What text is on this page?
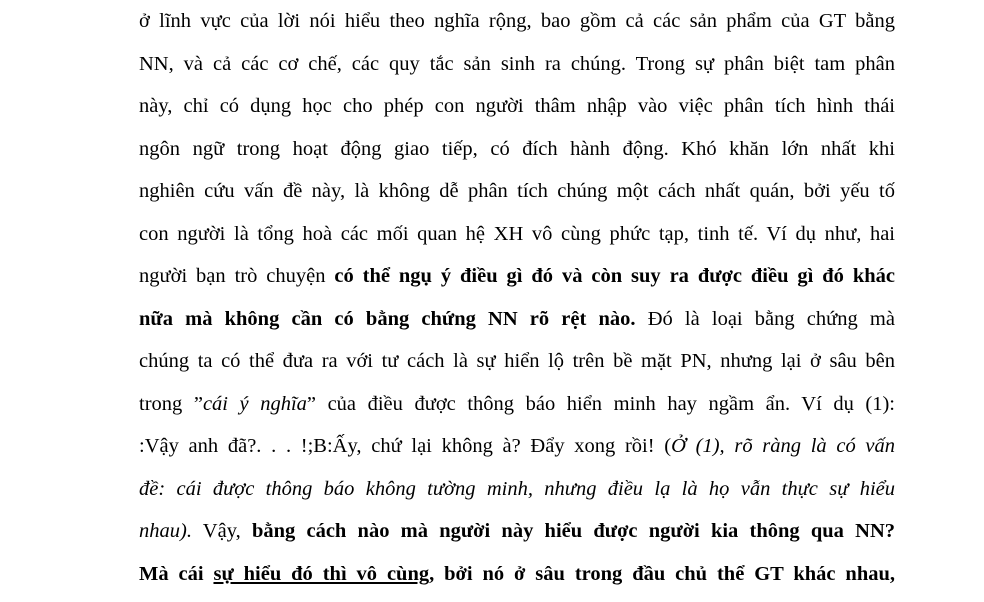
ở lĩnh vực của lời nói hiểu theo nghĩa rộng, bao gồm cả các sản phẩm của GT bằng
NN, và cả các cơ chế, các quy tắc sản sinh ra chúng. Trong sự phân biệt tam phân
này, chỉ có dụng học cho phép con người thâm nhập vào việc phân tích hình thái
ngôn ngữ trong hoạt động giao tiếp, có đích hành động. Khó khăn lớn nhất khi
nghiên cứu vấn đề này, là không dễ phân tích chúng một cách nhất quán, bởi yếu tố
con người là tổng hoà các mối quan hệ XH vô cùng phức tạp, tinh tế. Ví dụ như, hai
người bạn trò chuyện có thể ngụ ý điều gì đó và còn suy ra được điều gì đó khác
nữa mà không cần có bằng chứng NN rõ rệt nào. Đó là loại bằng chứng mà
chúng ta có thể đưa ra với tư cách là sự hiển lộ trên bề mặt PN, nhưng lại ở sâu bên
trong ”cái ý nghĩa” của điều được thông báo hiển minh hay ngầm ẩn. Ví dụ (1):
:Vậy anh đã?. . . !;B:Ấy, chứ lại không à? Đẩy xong rồi! (Ở (1), rõ ràng là có vấn
đề: cái được thông báo không tường minh, nhưng điều lạ là họ vẫn thực sự hiểu
nhau). Vậy, bằng cách nào mà người này hiểu được người kia thông qua NN?
Mà cái sự hiểu đó thì vô cùng, bởi nó ở sâu trong đầu chủ thể GT khác nhau,
